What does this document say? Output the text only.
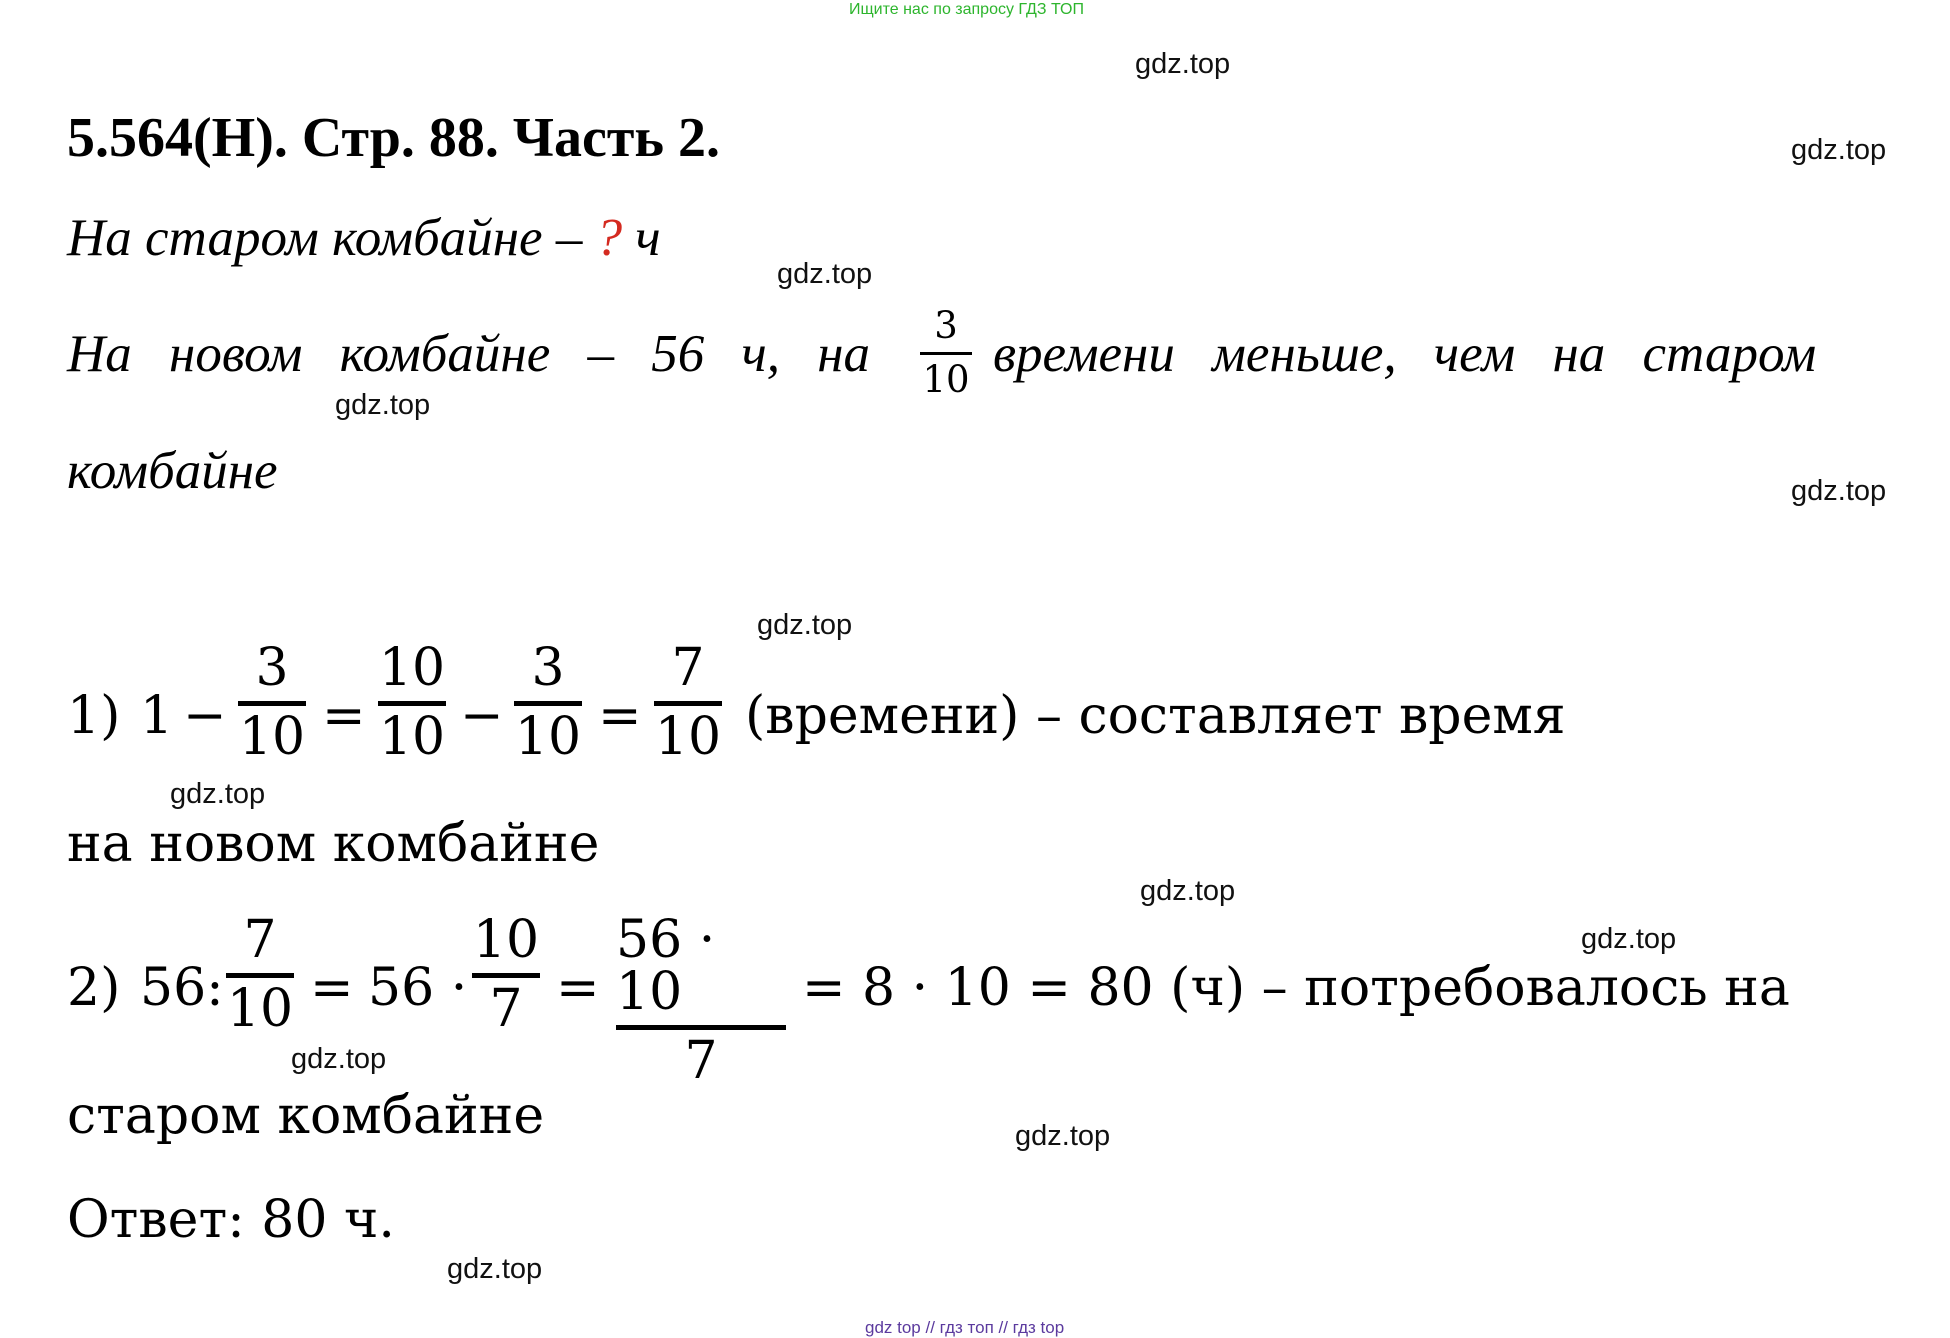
Ищите нас по запросу ГДЗ ТОП
gdz.top
gdz.top
gdz.top
gdz.top
gdz.top
gdz.top
gdz.top
gdz.top
gdz.top
gdz.top
gdz.top
gdz.top
5.564(Н). Стр. 88. Часть 2.
На старом комбайне – ? ч
На новом комбайне – 56 ч, на 3
10 времени меньше, чем на старом
комбайне
1) 1 −
3
10 =
10
10 −
3
10 =
7
10 (времени) – составляет время
на новом комбайне
2) 56:
7
10 = 56 ·
10
7 =
56 · 10
7
= 8 · 10 = 80 (ч) – потребовалось на
старом комбайне
Ответ: 80 ч.
gdz top // гдз топ // гдз top
